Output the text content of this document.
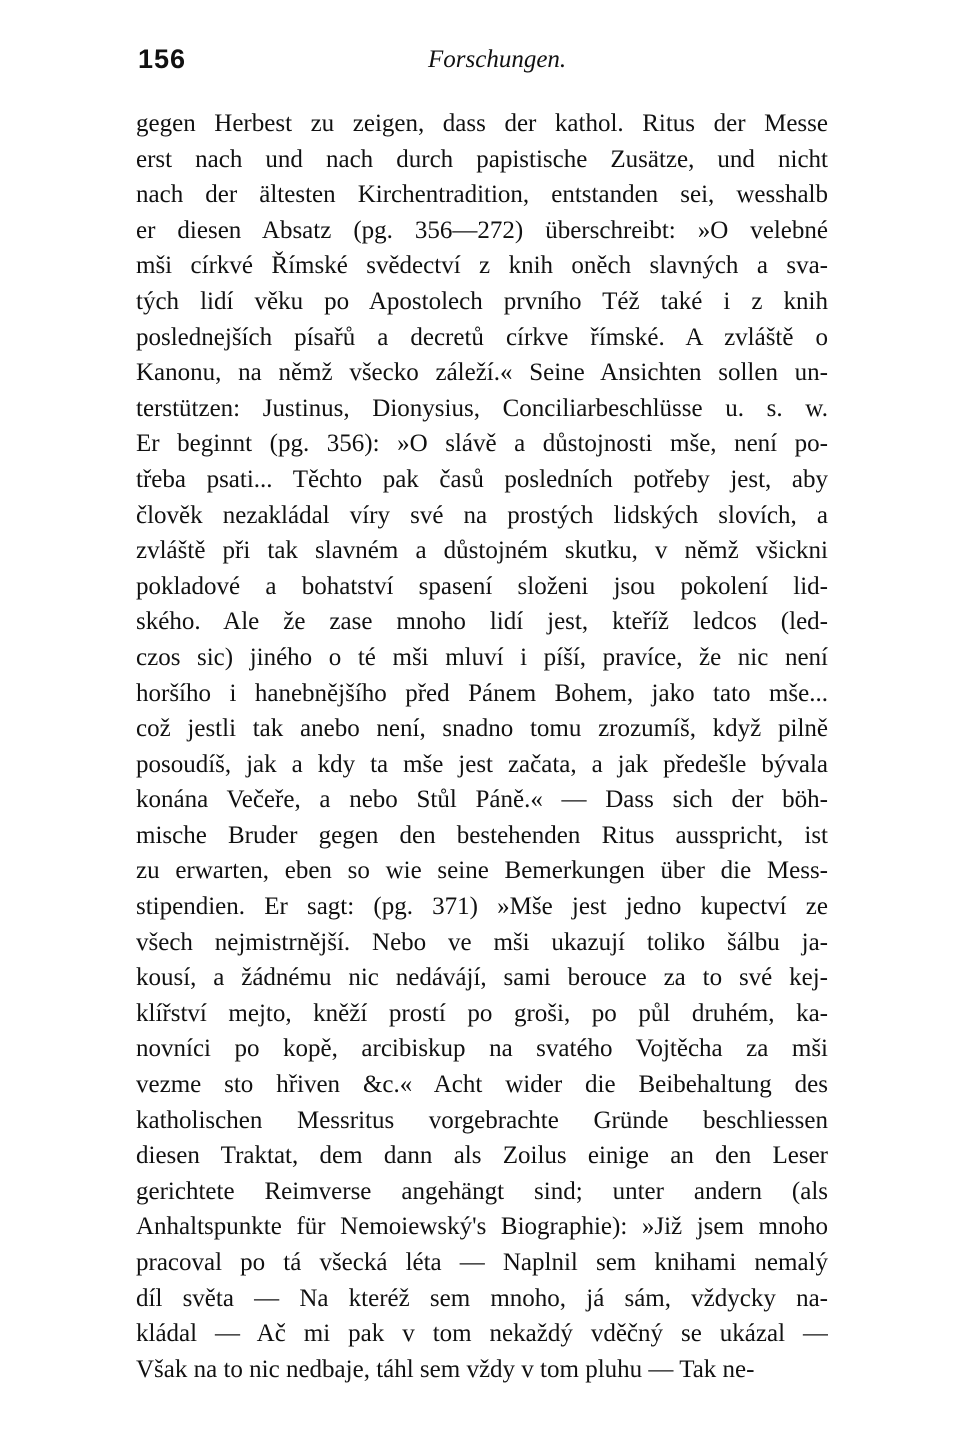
156	Forschungen.
gegen Herbest zu zeigen, dass der kathol. Ritus der Messe
erst nach und nach durch papistische Zusätze, und nicht
nach der ältesten Kirchentradition, entstanden sei, wesshalb
er diesen Absatz (pg. 356—272) überschreibt: »O velebné
mši církvé Římské svědectví z knih oněch slavných a sva-
tých lidí věku po Apostolech prvního Též také i z knih
poslednejších písařů a decretů církve římské. A zvláště o
Kanonu, na němž všecko záleží.« Seine Ansichten sollen un-
terstützen: Justinus, Dionysius, Conciliarbeschlüsse u. s. w.
Er beginnt (pg. 356): »O slávě a důstojnosti mše, není po-
třeba psati... Těchto pak časů posledních potřeby jest, aby
člověk nezakládal víry své na prostých lidských slovích, a
zvláště při tak slavném a důstojném skutku, v němž všickni
pokladové a bohatství spasení složeni jsou pokolení lid-
ského. Ale že zase mnoho lidí jest, kteříž ledcos (led-
czos sic) jiného o té mši mluví i píší, pravíce, že nic není
horšího i hanebnějšího před Pánem Bohem, jako tato mše...
což jestli tak anebo není, snadno tomu zrozumíš, když pilně
posoudíš, jak a kdy ta mše jest začata, a jak předešle bývala
konána Večeře, a nebo Stůl Páně.« — Dass sich der böh-
mische Bruder gegen den bestehenden Ritus ausspricht, ist
zu erwarten, eben so wie seine Bemerkungen über die Mess-
stipendien. Er sagt: (pg. 371) »Mše jest jedno kupectví ze
všech nejmistrnější. Nebo ve mši ukazují toliko šálbu ja-
kousí, a žádnému nic nedávájí, sami berouce za to své kej-
klířství mejto, kněží prostí po groši, po půl druhém, ka-
novníci po kopě, arcibiskup na svatého Vojtěcha za mši
vezme sto hřiven &c.« Acht wider die Beibehaltung des
katholischen Messritus vorgebrachte Gründe beschliessen
diesen Traktat, dem dann als Zoilus einige an den Leser
gerichtete Reimverse angehängt sind; unter andern (als
Anhaltspunkte für Nemoiewský's Biographie): »Již jsem mnoho
pracoval po tá všecká léta — Naplnil sem knihami nemalý
díl světa — Na kteréž sem mnoho, já sám, vždycky na-
kládal — Ač mi pak v tom nekaždý vděčný se ukázal —
Však na to nic nedbaje, táhl sem vždy v tom pluhu — Tak ne-
